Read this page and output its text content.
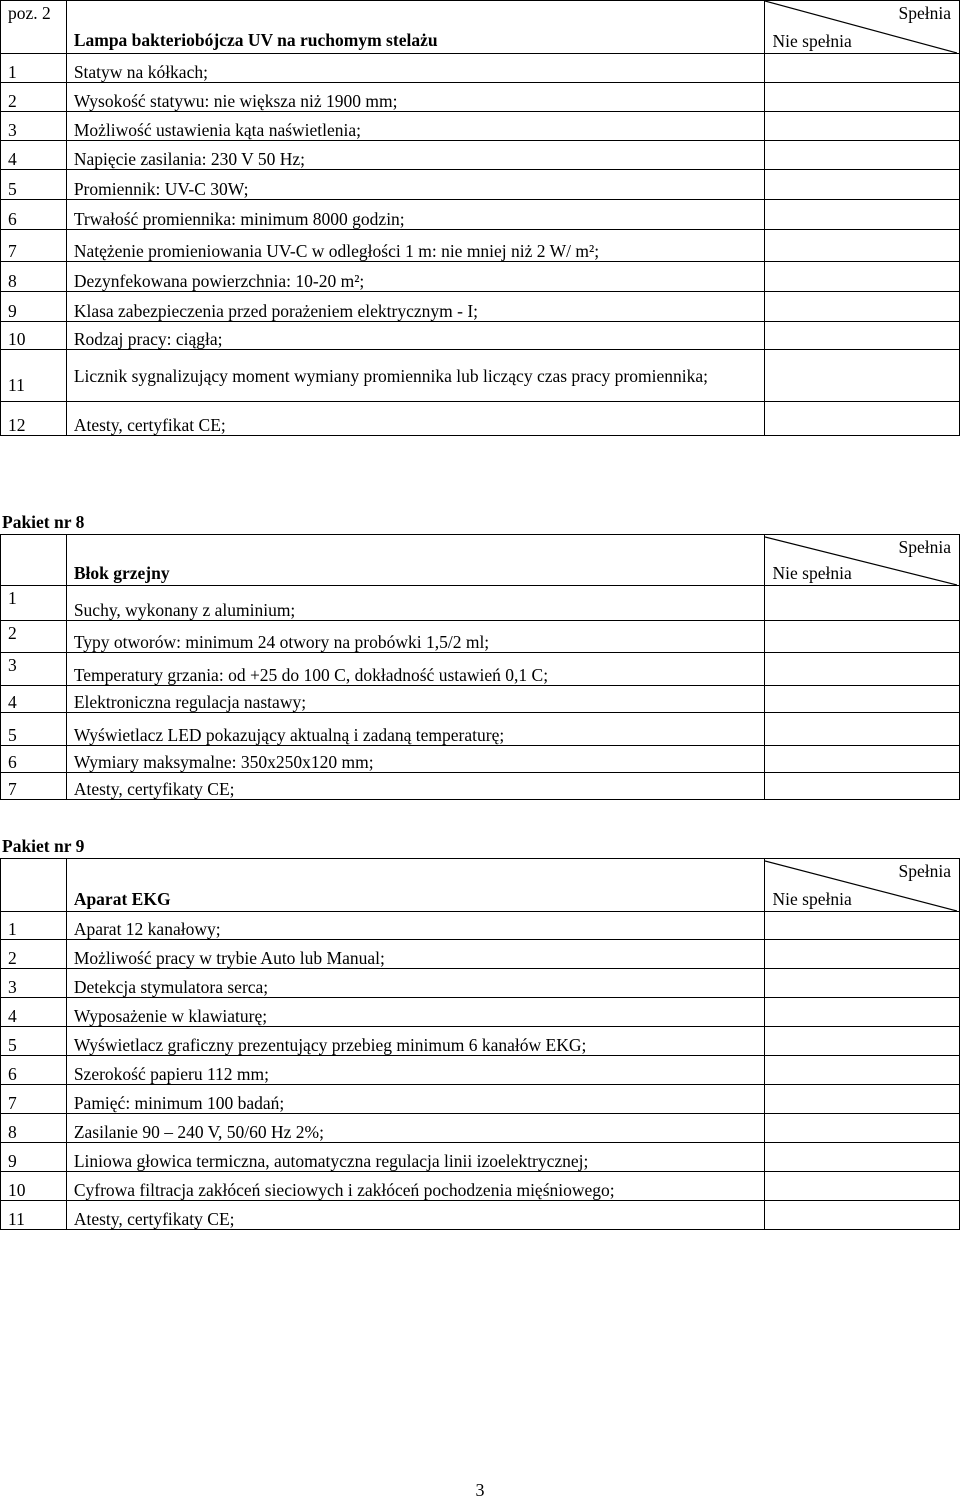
poz. 2	Lampa bakteriobójcza UV na ruchomym stelażu	Spełnia
Nie spełnia

1	Statyw na kółkach;	
2	Wysokość statywu: nie większa niż 1900 mm;	
3	Możliwość ustawienia kąta naświetlenia;	
4	Napięcie zasilania: 230 V 50 Hz;	
5	Promiennik: UV-C 30W;	
6	Trwałość promiennika: minimum 8000 godzin;	
7	Natężenie promieniowania UV-C w odległości 1 m: nie mniej niż 2 W/ m²;	
8	Dezynfekowana powierzchnia: 10-20 m²;	
9	Klasa zabezpieczenia przed porażeniem elektrycznym - I;	
10	Rodzaj pracy: ciągła;	
11	Licznik sygnalizujący moment wymiany promiennika lub liczący czas pracy promiennika;	
12	Atesty, certyfikat CE;	
Pakiet nr 8
	Błok grzejny	Spełnia
Nie spełnia

1	Suchy, wykonany z aluminium;	
2	Typy otworów: minimum 24 otwory na probówki 1,5/2 ml;	
3	Temperatury grzania: od +25 do 100 C, dokładność ustawień 0,1 C;	
4	Elektroniczna regulacja nastawy;	
5	Wyświetlacz LED pokazujący aktualną i zadaną temperaturę;	
6	Wymiary maksymalne: 350x250x120 mm;	
7	Atesty, certyfikaty CE;	
Pakiet nr 9
	Aparat EKG	Spełnia
Nie spełnia

1	Aparat 12 kanałowy;	
2	Możliwość pracy w trybie Auto lub Manual;	
3	Detekcja stymulatora serca;	
4	Wyposażenie w klawiaturę;	
5	Wyświetlacz graficzny prezentujący przebieg minimum 6 kanałów EKG;	
6	Szerokość papieru 112 mm;	
7	Pamięć: minimum 100 badań;	
8	Zasilanie 90 – 240 V, 50/60 Hz 2%;	
9	Liniowa głowica termiczna, automatyczna regulacja linii izoelektrycznej;	
10	Cyfrowa filtracja zakłóceń sieciowych i zakłóceń pochodzenia mięśniowego;	
11	Atesty, certyfikaty CE;	
3
